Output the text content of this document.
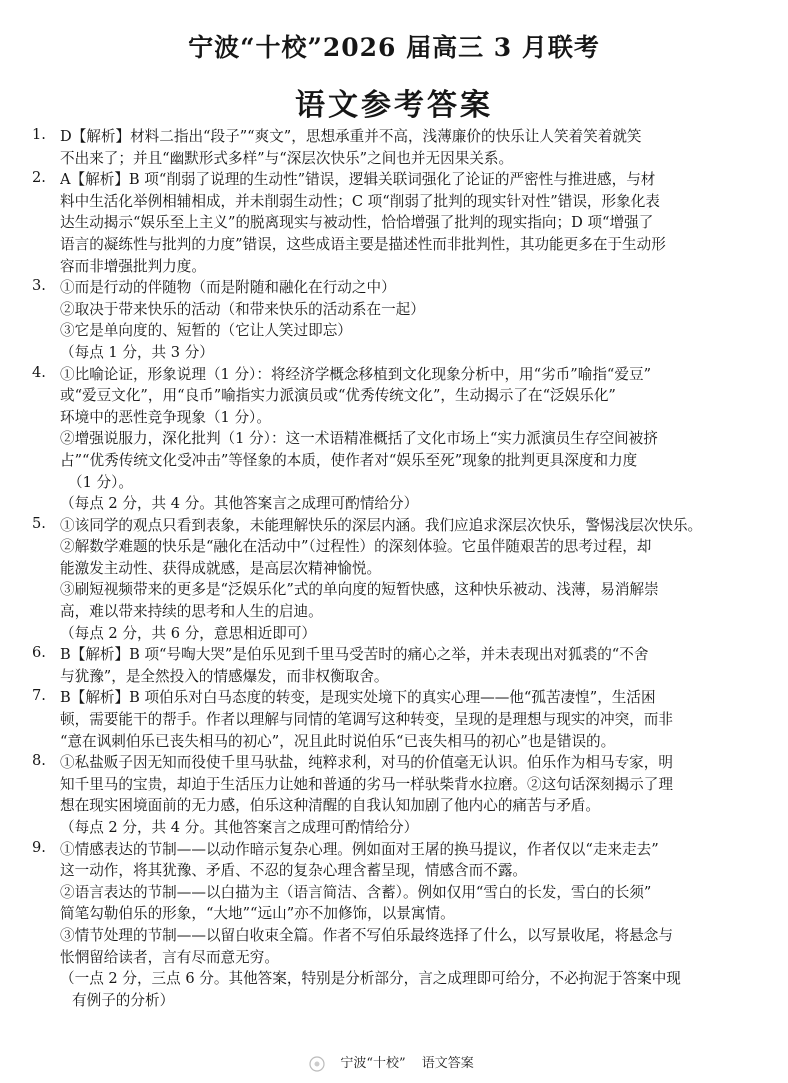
宁波“十校”2026 届高三 3 月联考
语文参考答案
1. D【解析】材料二指出“段子”“爽文”，思想承重并不高，浅薄廉价的快乐让人笑着笑着就笑
不出来了；并且“幽默形式多样”与“深层次快乐”之间也并无因果关系。
2. A【解析】B 项“削弱了说理的生动性”错误，逻辑关联词强化了论证的严密性与推进感，与材
料中生活化举例相辅相成，并未削弱生动性；C 项“削弱了批判的现实针对性”错误，形象化表
达生动揭示“娱乐至上主义”的脱离现实与被动性，恰恰增强了批判的现实指向；D 项“增强了
语言的凝练性与批判的力度”错误，这些成语主要是描述性而非批判性，其功能更多在于生动形
容而非增强批判力度。
3. ①而是行动的伴随物（而是附随和融化在行动之中）
②取决于带来快乐的活动（和带来快乐的活动系在一起）
③它是单向度的、短暂的（它让人笑过即忘）
（每点 1 分，共 3 分）
4. ①比喻论证，形象说理（1 分）：将经济学概念移植到文化现象分析中，用“劣币”喻指“爱豆”
或“爱豆文化”，用“良币”喻指实力派演员或“优秀传统文化”，生动揭示了在“泛娱乐化”
环境中的恶性竞争现象（1 分）。
②增强说服力，深化批判（1 分）：这一术语精准概括了文化市场上“实力派演员生存空间被挤
占”“优秀传统文化受冲击”等怪象的本质，使作者对“娱乐至死”现象的批判更具深度和力度
（1 分）。
（每点 2 分，共 4 分。其他答案言之成理可酌情给分）
5. ①该同学的观点只看到表象，未能理解快乐的深层内涵。我们应追求深层次快乐，警惕浅层次快乐。
②解数学难题的快乐是“融化在活动中”（过程性）的深刻体验。它虽伴随艰苦的思考过程，却
能激发主动性、获得成就感，是高层次精神愉悦。
③刷短视频带来的更多是“泛娱乐化”式的单向度的短暂快感，这种快乐被动、浅薄，易消解崇
高，难以带来持续的思考和人生的启迪。
（每点 2 分，共 6 分，意思相近即可）
6. B【解析】B 项“号啕大哭”是伯乐见到千里马受苦时的痛心之举，并未表现出对狐裘的“不舍
与犹豫”，是全然投入的情感爆发，而非权衡取舍。
7. B【解析】B 项伯乐对白马态度的转变，是现实处境下的真实心理——他“孤苦凄惶”，生活困
顿，需要能干的帮手。作者以理解与同情的笔调写这种转变，呈现的是理想与现实的冲突，而非
“意在讽刺伯乐已丧失相马的初心”，况且此时说伯乐“已丧失相马的初心”也是错误的。
8. ①私盐贩子因无知而役使千里马驮盐，纯粹求利，对马的价值毫无认识。伯乐作为相马专家，明
知千里马的宝贵，却迫于生活压力让她和普通的劣马一样驮柴背水拉磨。②这句话深刻揭示了理
想在现实困境面前的无力感，伯乐这种清醒的自我认知加剧了他内心的痛苦与矛盾。
（每点 2 分，共 4 分。其他答案言之成理可酌情给分）
9. ①情感表达的节制——以动作暗示复杂心理。例如面对王屠的换马提议，作者仅以“走来走去”
这一动作，将其犹豫、矛盾、不忍的复杂心理含蓄呈现，情感含而不露。
②语言表达的节制——以白描为主（语言简洁、含蓄）。例如仅用“雪白的长发，雪白的长须”
简笔勾勒伯乐的形象，“大地”“远山”亦不加修饰，以景寓情。
③情节处理的节制——以留白收束全篇。作者不写伯乐最终选择了什么，以写景收尾，将悬念与
怅惘留给读者，言有尽而意无穷。
（一点 2 分，三点 6 分。其他答案，特别是分析部分，言之成理即可给分，不必拘泥于答案中现
有例子的分析）
宁波“十校” 语文答案
